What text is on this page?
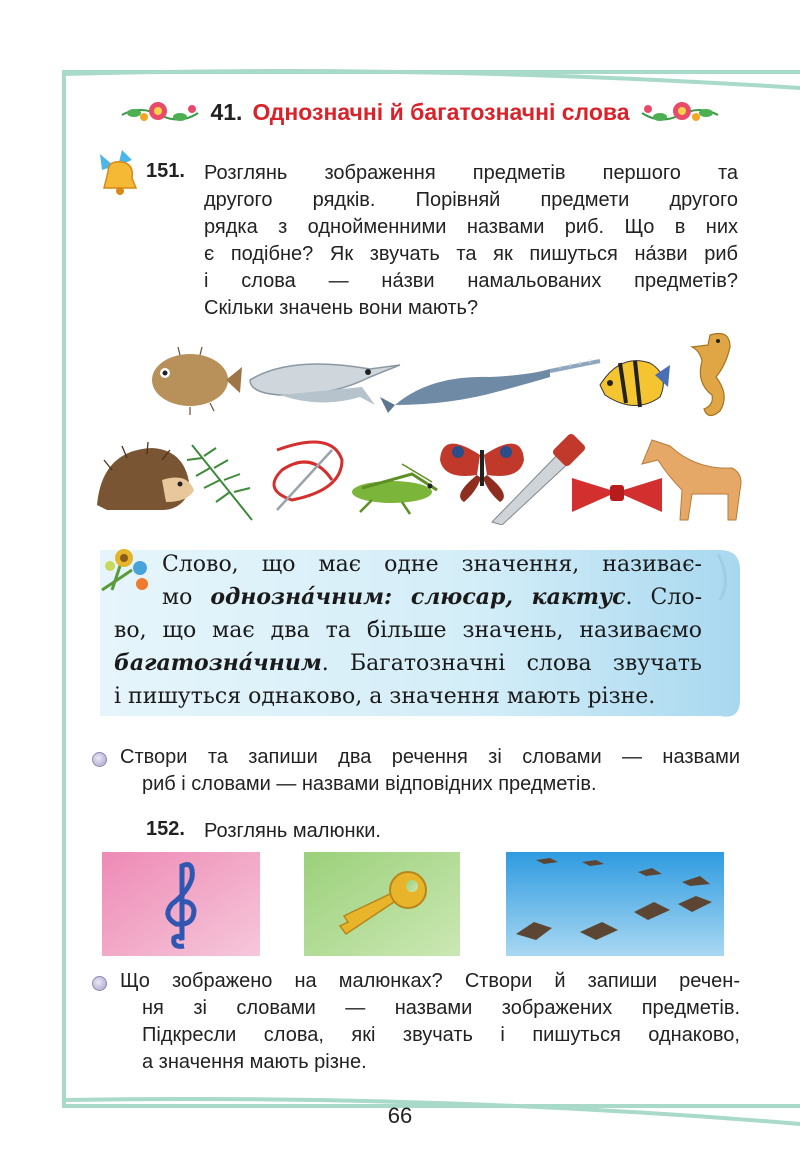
41. Однозначні й багатозначні слова
151. Розглянь зображення предметів першого та
другого рядків. Порівняй предмети другого
рядка з однойменними назвами риб. Що в них
є подібне? Як звучать та як пишуться на́зви риб
і слова — на́зви намальованих предметів?
Скільки значень вони мають?
Слово, що має одне значення, називає-
мо однозна́чним: слюсар, кактус. Сло-
во, що має два та більше значень, називаємо
багатозна́чним. Багатозначні слова звучать
і пишуться однаково, а значення мають різне.
Створи та запиши два речення зі словами — назвами
риб і словами — назвами відповідних предметів.
152. Розглянь малюнки.
Що зображено на малюнках? Створи й запиши речен-
ня зі словами — назвами зображених предметів.
Підкресли слова, які звучать і пишуться однаково,
а значення мають різне.
66
